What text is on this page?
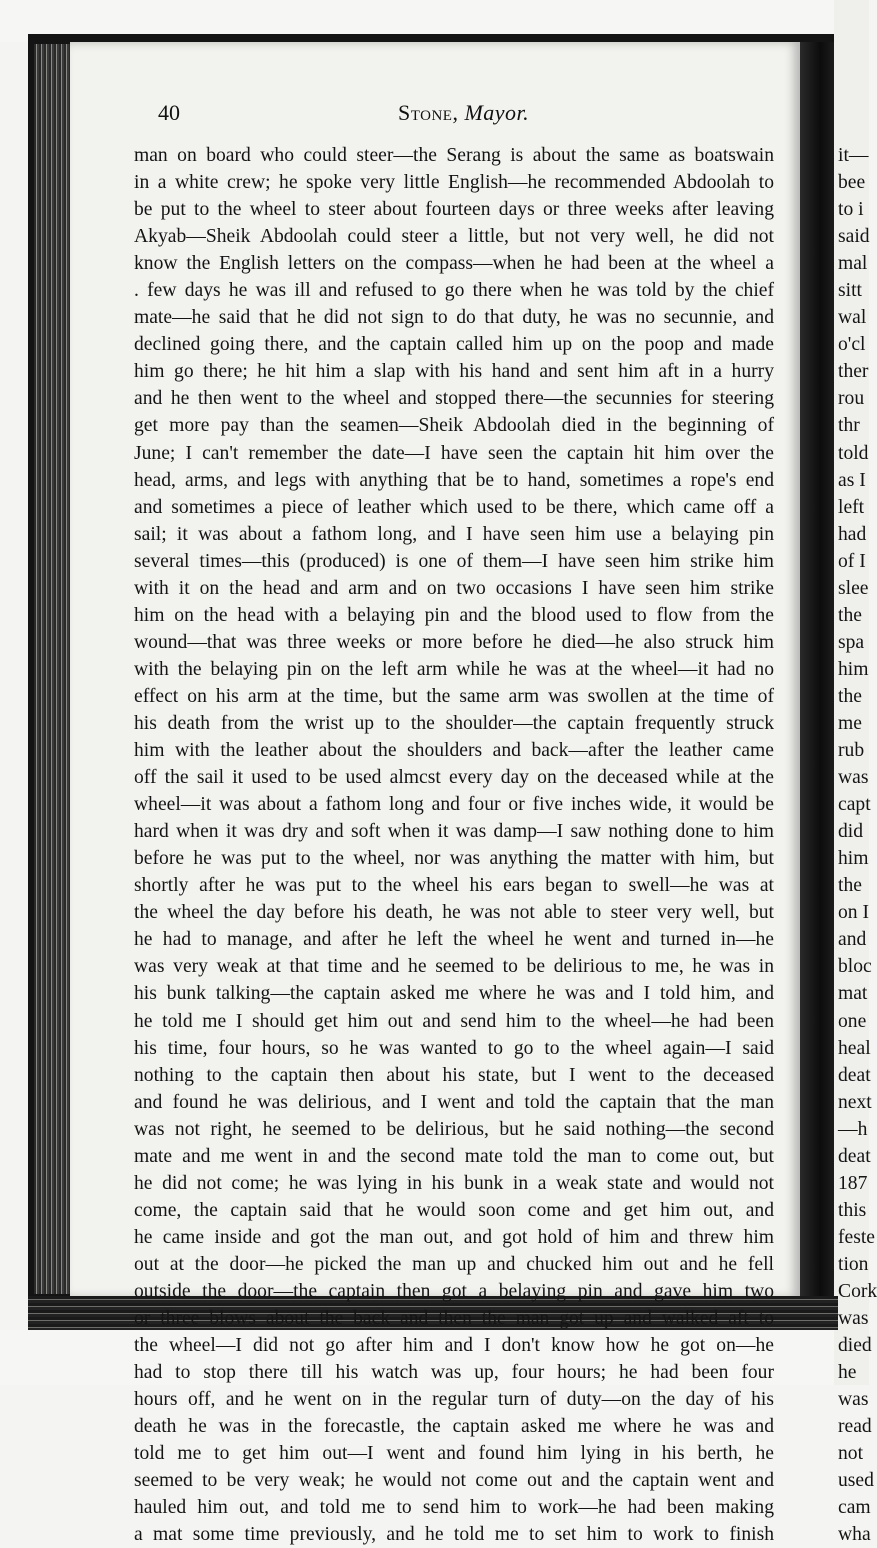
40	Stone, Mayor.
man on board who could steer—the Serang is about the same as boatswain
in a white crew; he spoke very little English—he recommended Abdoolah to
be put to the wheel to steer about fourteen days or three weeks after leaving
Akyab—Sheik Abdoolah could steer a little, but not very well, he did not
know the English letters on the compass—when he had been at the wheel a
. few days he was ill and refused to go there when he was told by the chief
mate—he said that he did not sign to do that duty, he was no secunnie, and
declined going there, and the captain called him up on the poop and made
him go there; he hit him a slap with his hand and sent him aft in a hurry
and he then went to the wheel and stopped there—the secunnies for steering
get more pay than the seamen—Sheik Abdoolah died in the beginning of
June; I can't remember the date—I have seen the captain hit him over the
head, arms, and legs with anything that be to hand, sometimes a rope's end
and sometimes a piece of leather which used to be there, which came off a
sail; it was about a fathom long, and I have seen him use a belaying pin
several times—this (produced) is one of them—I have seen him strike him
with it on the head and arm and on two occasions I have seen him strike
him on the head with a belaying pin and the blood used to flow from the
wound—that was three weeks or more before he died—he also struck him
with the belaying pin on the left arm while he was at the wheel—it had no
effect on his arm at the time, but the same arm was swollen at the time of
his death from the wrist up to the shoulder—the captain frequently struck
him with the leather about the shoulders and back—after the leather came
off the sail it used to be used almcst every day on the deceased while at the
wheel—it was about a fathom long and four or five inches wide, it would be
hard when it was dry and soft when it was damp—I saw nothing done to him
before he was put to the wheel, nor was anything the matter with him, but
shortly after he was put to the wheel his ears began to swell—he was at
the wheel the day before his death, he was not able to steer very well, but
he had to manage, and after he left the wheel he went and turned in—he
was very weak at that time and he seemed to be delirious to me, he was in
his bunk talking—the captain asked me where he was and I told him, and
he told me I should get him out and send him to the wheel—he had been
his time, four hours, so he was wanted to go to the wheel again—I said
nothing to the captain then about his state, but I went to the deceased
and found he was delirious, and I went and told the captain that the man
was not right, he seemed to be delirious, but he said nothing—the second
mate and me went in and the second mate told the man to come out, but
he did not come; he was lying in his bunk in a weak state and would not
come, the captain said that he would soon come and get him out, and
he came inside and got the man out, and got hold of him and threw him
out at the door—he picked the man up and chucked him out and he fell
outside the door—the captain then got a belaying pin and gave him two
or three blows about the back and then the man got up and walked aft to
the wheel—I did not go after him and I don't know how he got on—he
had to stop there till his watch was up, four hours; he had been four
hours off, and he went on in the regular turn of duty—on the day of his
death he was in the forecastle, the captain asked me where he was and
told me to get him out—I went and found him lying in his berth, he
seemed to be very weak; he would not come out and the captain went and
hauled him out, and told me to send him to work—he had been making
a mat some time previously, and he told me to set him to work to finish
it—
bee
to i
said
mal
sitt
wal
o'cl
ther
rou
thr
told
as I
left
had
of I
slee
the
spa
him
the
me
rub
was
capt
did
him
the
on I
and
bloc
mat
one
heal
deat
next
—h
deat
187
this
feste
tion
Cork
was
died
he
was
read
not
used
cam
wha
